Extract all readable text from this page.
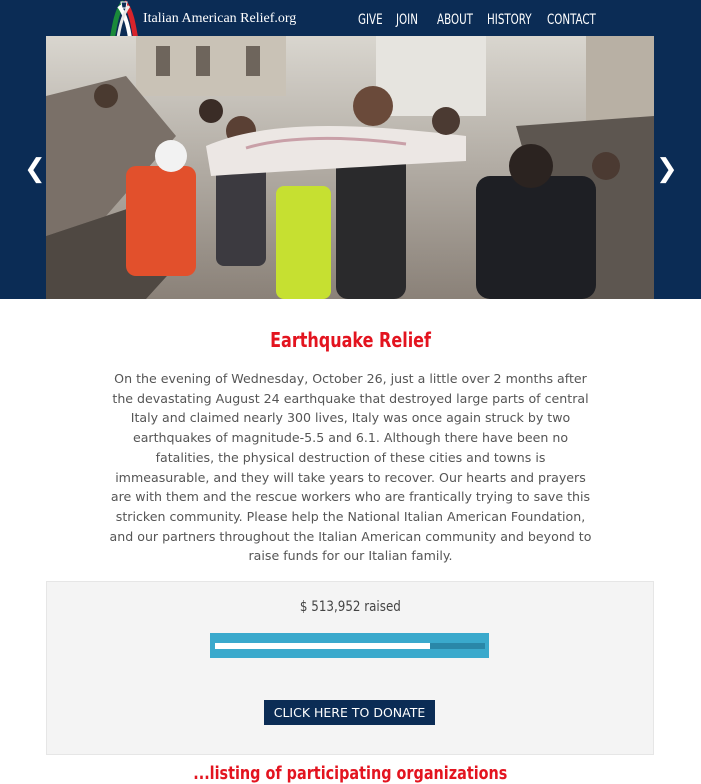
Italian American Relief.org	GIVE JOIN ABOUT HISTORY CONTACT
❮	❯
Earthquake Relief

On the evening of Wednesday, October 26, just a little over 2 months after the devastating August 24 earthquake that destroyed large parts of central Italy and claimed nearly 300 lives, Italy was once again struck by two earthquakes of magnitude-5.5 and 6.1. Although there have been no fatalities, the physical destruction of these cities and towns is immeasurable, and they will take years to recover. Our hearts and prayers are with them and the rescue workers who are frantically trying to save this stricken community. Please help the National Italian American Foundation, and our partners throughout the Italian American community and beyond to raise funds for our Italian family.

$ 513,952 raised
CLICK HERE TO DONATE
...listing of participating organizations
